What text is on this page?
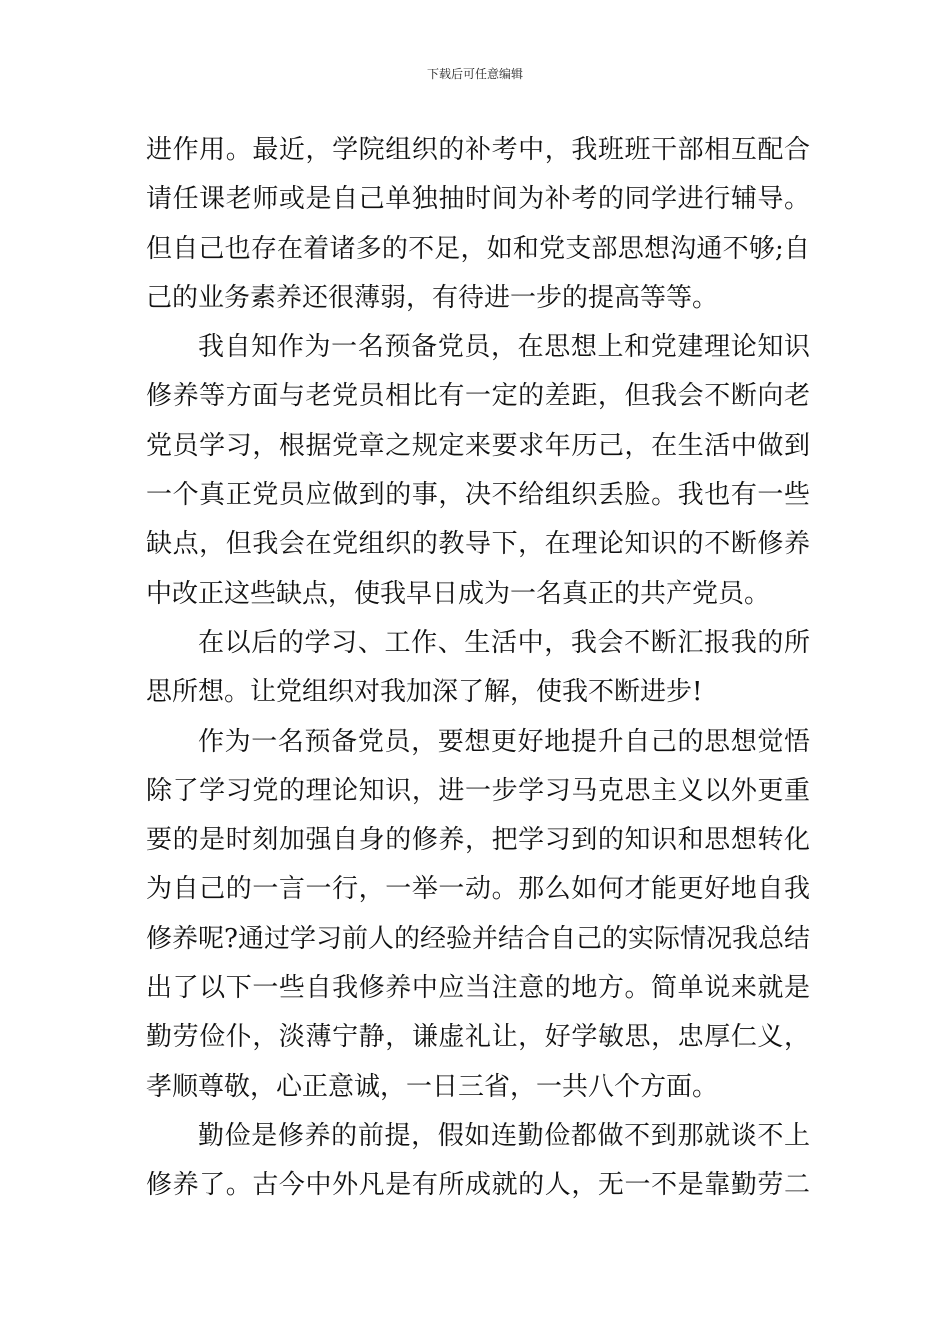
下载后可任意编辑
进作用。最近，学院组织的补考中，我班班干部相互配合
请任课老师或是自己单独抽时间为补考的同学进行辅导。
但自己也存在着诸多的不足，如和党支部思想沟通不够;自
己的业务素养还很薄弱，有待进一步的提高等等。
我自知作为一名预备党员，在思想上和党建理论知识
修养等方面与老党员相比有一定的差距，但我会不断向老
党员学习，根据党章之规定来要求年历己，在生活中做到
一个真正党员应做到的事，决不给组织丢脸。我也有一些
缺点，但我会在党组织的教导下，在理论知识的不断修养
中改正这些缺点，使我早日成为一名真正的共产党员。
在以后的学习、工作、生活中，我会不断汇报我的所
思所想。让党组织对我加深了解，使我不断进步!
作为一名预备党员，要想更好地提升自己的思想觉悟
除了学习党的理论知识，进一步学习马克思主义以外更重
要的是时刻加强自身的修养，把学习到的知识和思想转化
为自己的一言一行，一举一动。那么如何才能更好地自我
修养呢?通过学习前人的经验并结合自己的实际情况我总结
出了以下一些自我修养中应当注意的地方。简单说来就是
勤劳俭仆，淡薄宁静，谦虚礼让，好学敏思，忠厚仁义，
孝顺尊敬，心正意诚，一日三省，一共八个方面。
勤俭是修养的前提，假如连勤俭都做不到那就谈不上
修养了。古今中外凡是有所成就的人，无一不是靠勤劳二
